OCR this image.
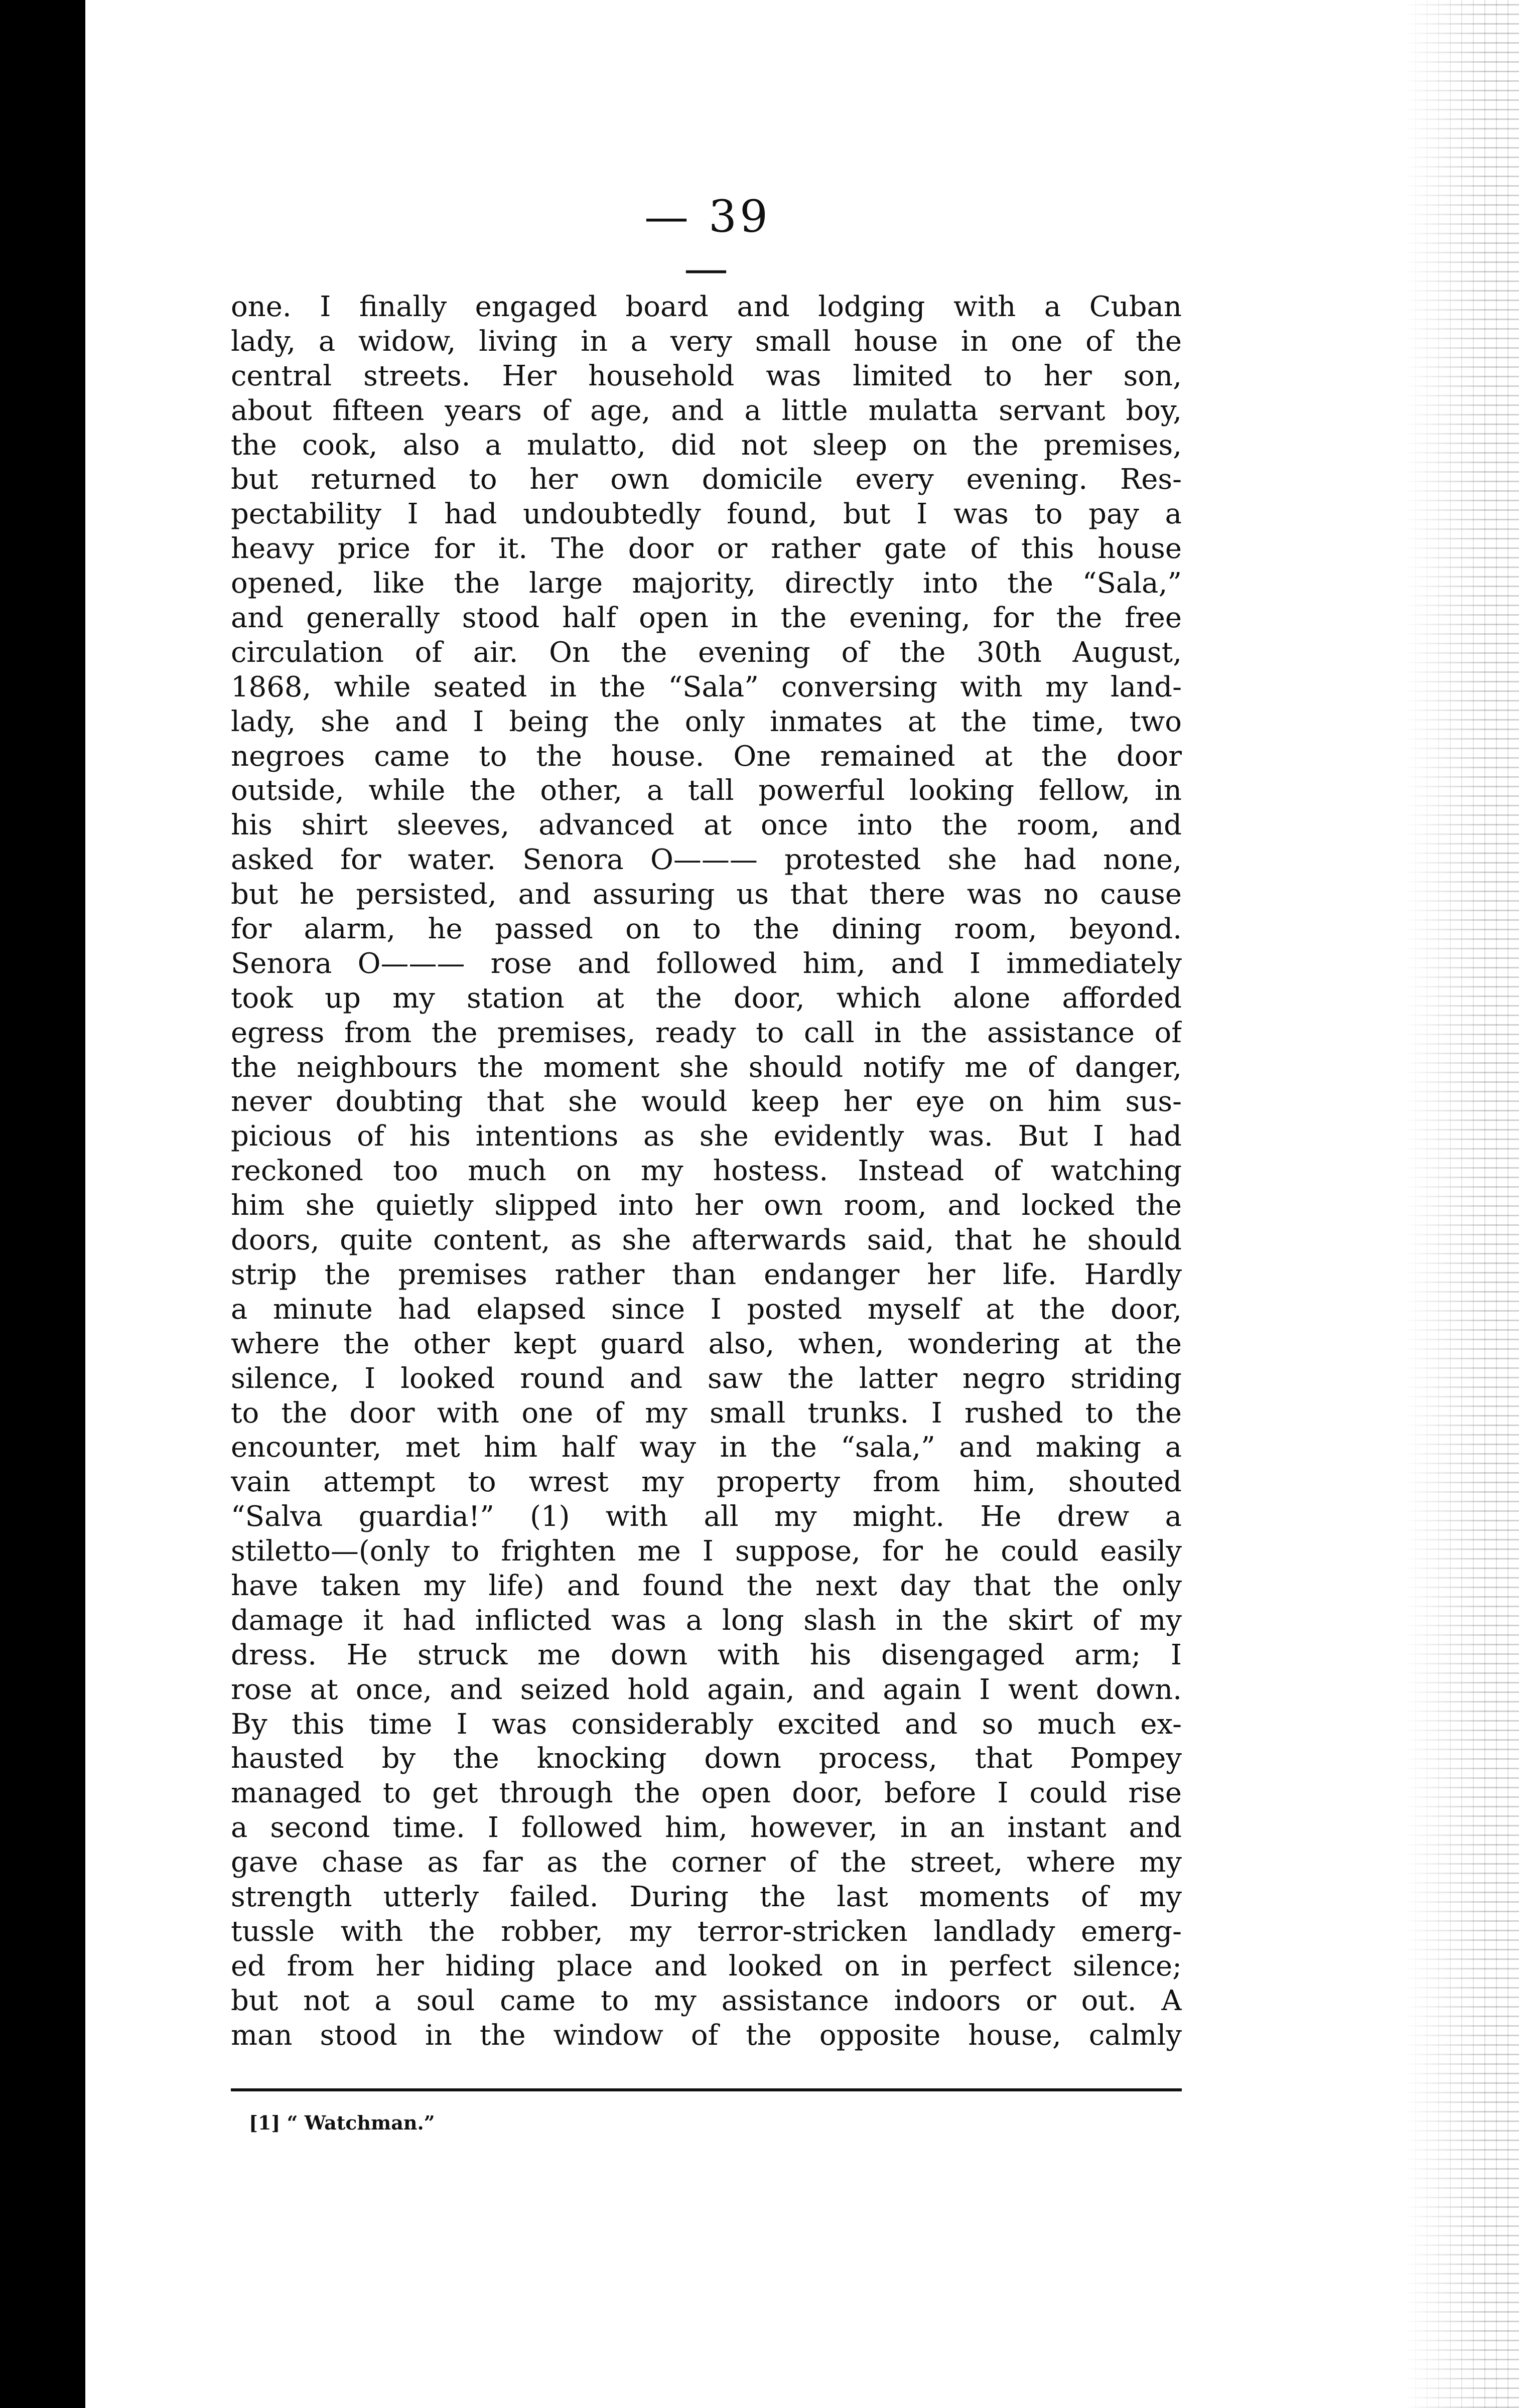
— 39 —
one. I finally engaged board and lodging with a Cuban
lady, a widow, living in a very small house in one of the
central streets. Her household was limited to her son,
about fifteen years of age, and a little mulatta servant boy,
the cook, also a mulatto, did not sleep on the premises,
but returned to her own domicile every evening. Res-
pectability I had undoubtedly found, but I was to pay a
heavy price for it. The door or rather gate of this house
opened, like the large majority, directly into the “Sala,”
and generally stood half open in the evening, for the free
circulation of air. On the evening of the 30th August,
1868, while seated in the “Sala” conversing with my land-
lady, she and I being the only inmates at the time, two
negroes came to the house. One remained at the door
outside, while the other, a tall powerful looking fellow, in
his shirt sleeves, advanced at once into the room, and
asked for water. Senora O——— protested she had none,
but he persisted, and assuring us that there was no cause
for alarm, he passed on to the dining room, beyond.
Senora O——— rose and followed him, and I immediately
took up my station at the door, which alone afforded
egress from the premises, ready to call in the assistance of
the neighbours the moment she should notify me of danger,
never doubting that she would keep her eye on him sus-
picious of his intentions as she evidently was. But I had
reckoned too much on my hostess. Instead of watching
him she quietly slipped into her own room, and locked the
doors, quite content, as she afterwards said, that he should
strip the premises rather than endanger her life. Hardly
a minute had elapsed since I posted myself at the door,
where the other kept guard also, when, wondering at the
silence, I looked round and saw the latter negro striding
to the door with one of my small trunks. I rushed to the
encounter, met him half way in the “sala,” and making a
vain attempt to wrest my property from him, shouted
“Salva guardia!” (1) with all my might. He drew a
stiletto—(only to frighten me I suppose, for he could easily
have taken my life) and found the next day that the only
damage it had inflicted was a long slash in the skirt of my
dress. He struck me down with his disengaged arm; I
rose at once, and seized hold again, and again I went down.
By this time I was considerably excited and so much ex-
hausted by the knocking down process, that Pompey
managed to get through the open door, before I could rise
a second time. I followed him, however, in an instant and
gave chase as far as the corner of the street, where my
strength utterly failed. During the last moments of my
tussle with the robber, my terror-stricken landlady emerg-
ed from her hiding place and looked on in perfect silence;
but not a soul came to my assistance indoors or out. A
man stood in the window of the opposite house, calmly
[1] “ Watchman.”
